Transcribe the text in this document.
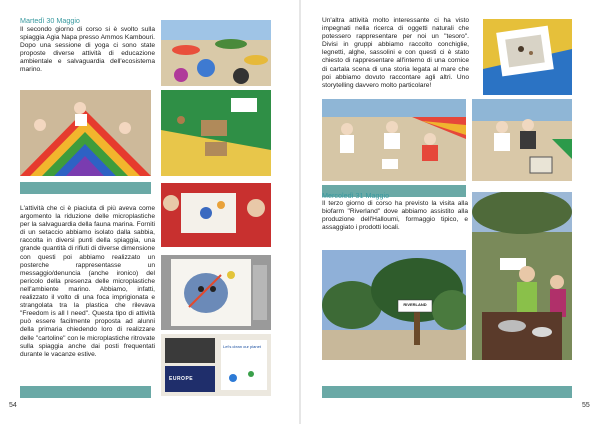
Martedì 30 Maggio
Il secondo giorno di corso si è svolto sulla spiaggia Agia Napa presso Ammos Kambouri. Dopo una sessione di yoga ci sono state proposte diverse attività di educazione ambientale e salvaguardia dell'ecosistema marino.
L'attività che ci è piaciuta di più aveva come argomento la riduzione delle microplastiche per la salvaguardia della fauna marina. Forniti di un setaccio abbiamo isolato dalla sabbia, raccolta in diversi punti della spiaggia, una grande quantità di rifiuti di diverse dimensione con questi poi abbiamo realizzato un posterche rappresentasse un messaggio/denuncia (anche ironico) del pericolo della presenza delle microplastiche nell'ambiente marino. Abbiamo, infatti, realizzato il volto di una foca imprigionata e strangolata tra la plastica che rilevava "Freedom is all I need". Questa tipo di attività può essere facilmente proposta ad alunni della primaria chiedendo loro di realizzare delle "cartoline" con le microplastiche ritrovate sulla spiaggia anche dai posti frequentati durante le vacanze estive.
EUROPE
Let's clean our planet
54
Un'altra attività molto interessante ci ha visto impegnati nella ricerca di oggetti naturali che potessero rappresentare per noi un "tesoro". Divisi in gruppi abbiamo raccolto conchiglie, legnetti, alghe, sassolini e con questi ci è stato chiesto di rappresentare all'interno di una cornice di cartala scena di una storia legata al mare che poi abbiamo dovuto raccontare agli altri. Uno storytelling davvero molto particolare!
Mercoledì 31 Maggio
Il terzo giorno di corso ha previsto la visita alla biofarm "Riverland" dove abbiamo assistito alla produzione dell'Halloumi, formaggio tipico, e assaggiato i prodotti locali.
RIVERLAND
55
